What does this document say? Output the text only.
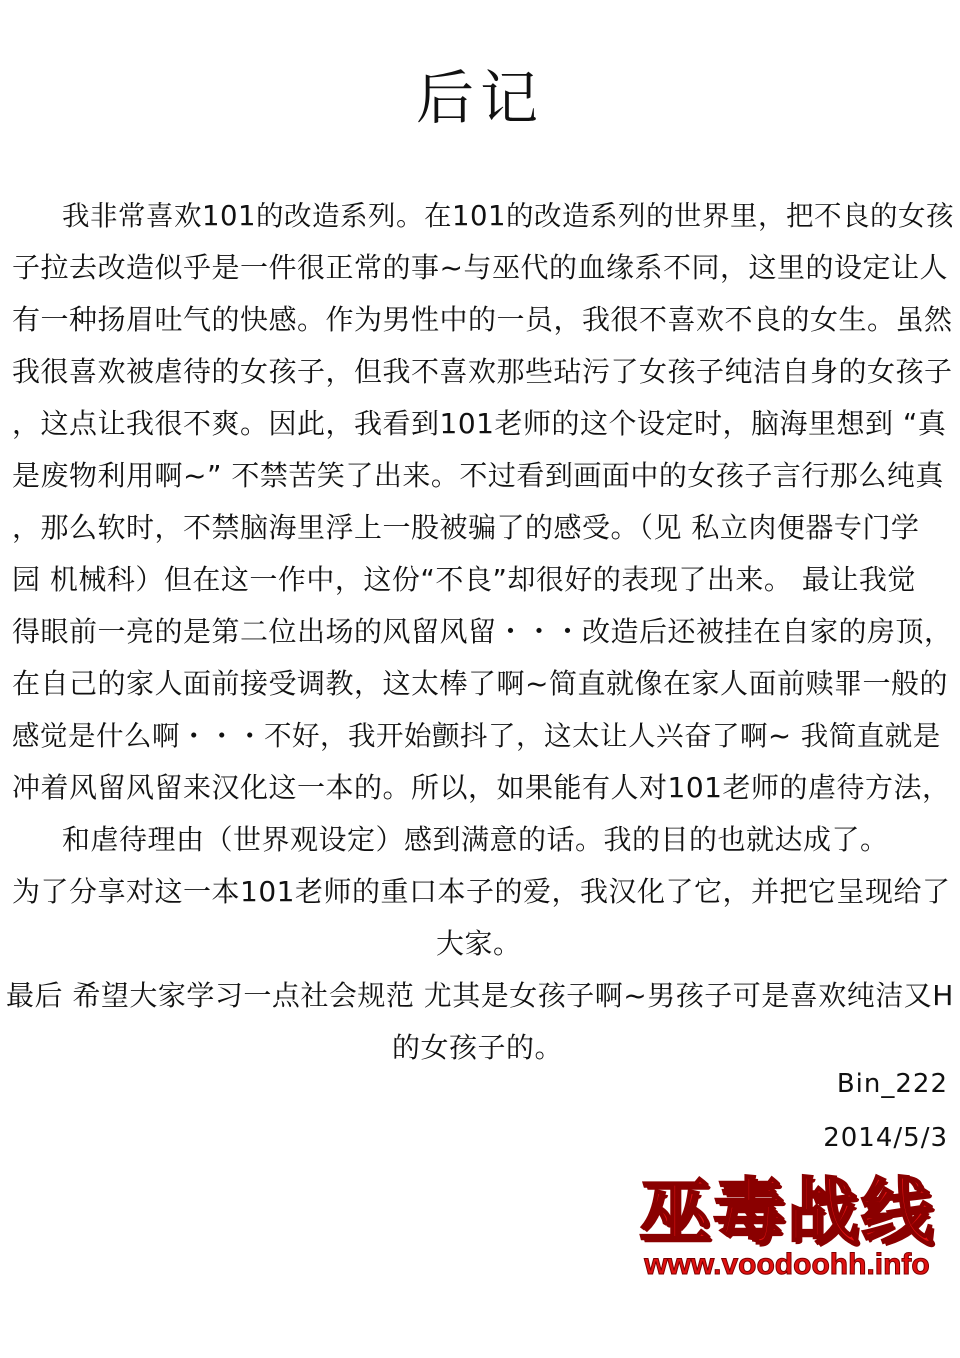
后记
我非常喜欢101的改造系列。在101的改造系列的世界里，把不良的女孩
子拉去改造似乎是一件很正常的事~与巫代的血缘系不同，这里的设定让人
有一种扬眉吐气的快感。作为男性中的一员，我很不喜欢不良的女生。虽然
我很喜欢被虐待的女孩子，但我不喜欢那些玷污了女孩子纯洁自身的女孩子
，这点让我很不爽。因此，我看到101老师的这个设定时，脑海里想到 “真
是废物利用啊~” 不禁苦笑了出来。不过看到画面中的女孩子言行那么纯真
，那么软时，不禁脑海里浮上一股被骗了的感受。（见 私立肉便器专门学
园 机械科）但在这一作中，这份“不良”却很好的表现了出来。 最让我觉
得眼前一亮的是第二位出场的风留风留・・・改造后还被挂在自家的房顶，
在自己的家人面前接受调教，这太棒了啊~简直就像在家人面前赎罪一般的
感觉是什么啊・・・不好，我开始颤抖了，这太让人兴奋了啊~ 我简直就是
冲着风留风留来汉化这一本的。所以，如果能有人对101老师的虐待方法，
和虐待理由（世界观设定）感到满意的话。我的目的也就达成了。
为了分享对这一本101老师的重口本子的爱，我汉化了它，并把它呈现给了
大家。
最后 希望大家学习一点社会规范 尤其是女孩子啊~男孩子可是喜欢纯洁又H
的女孩子的。
Bin_222
2014/5/3
巫毒战线
www.voodoohh.info
